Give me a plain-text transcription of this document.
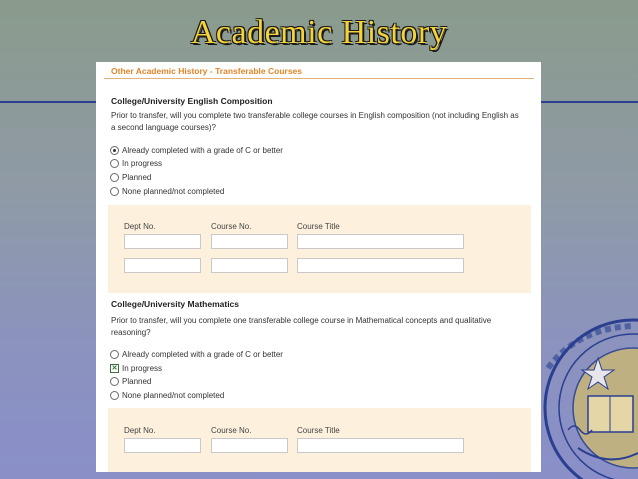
Academic History
Other Academic History - Transferable Courses
College/University English Composition
Prior to transfer, will you complete two transferable college courses in English composition (not including English as a second language courses)?
Already completed with a grade of C or better
In progress
Planned
None planned/not completed
Dept No.	Course No.	Course Title
College/University Mathematics
Prior to transfer, will you complete one transferable college course in Mathematical concepts and qualitative reasoning?
Already completed with a grade of C or better
✕ In progress
Planned
None planned/not completed
Dept No.	Course No.	Course Title
